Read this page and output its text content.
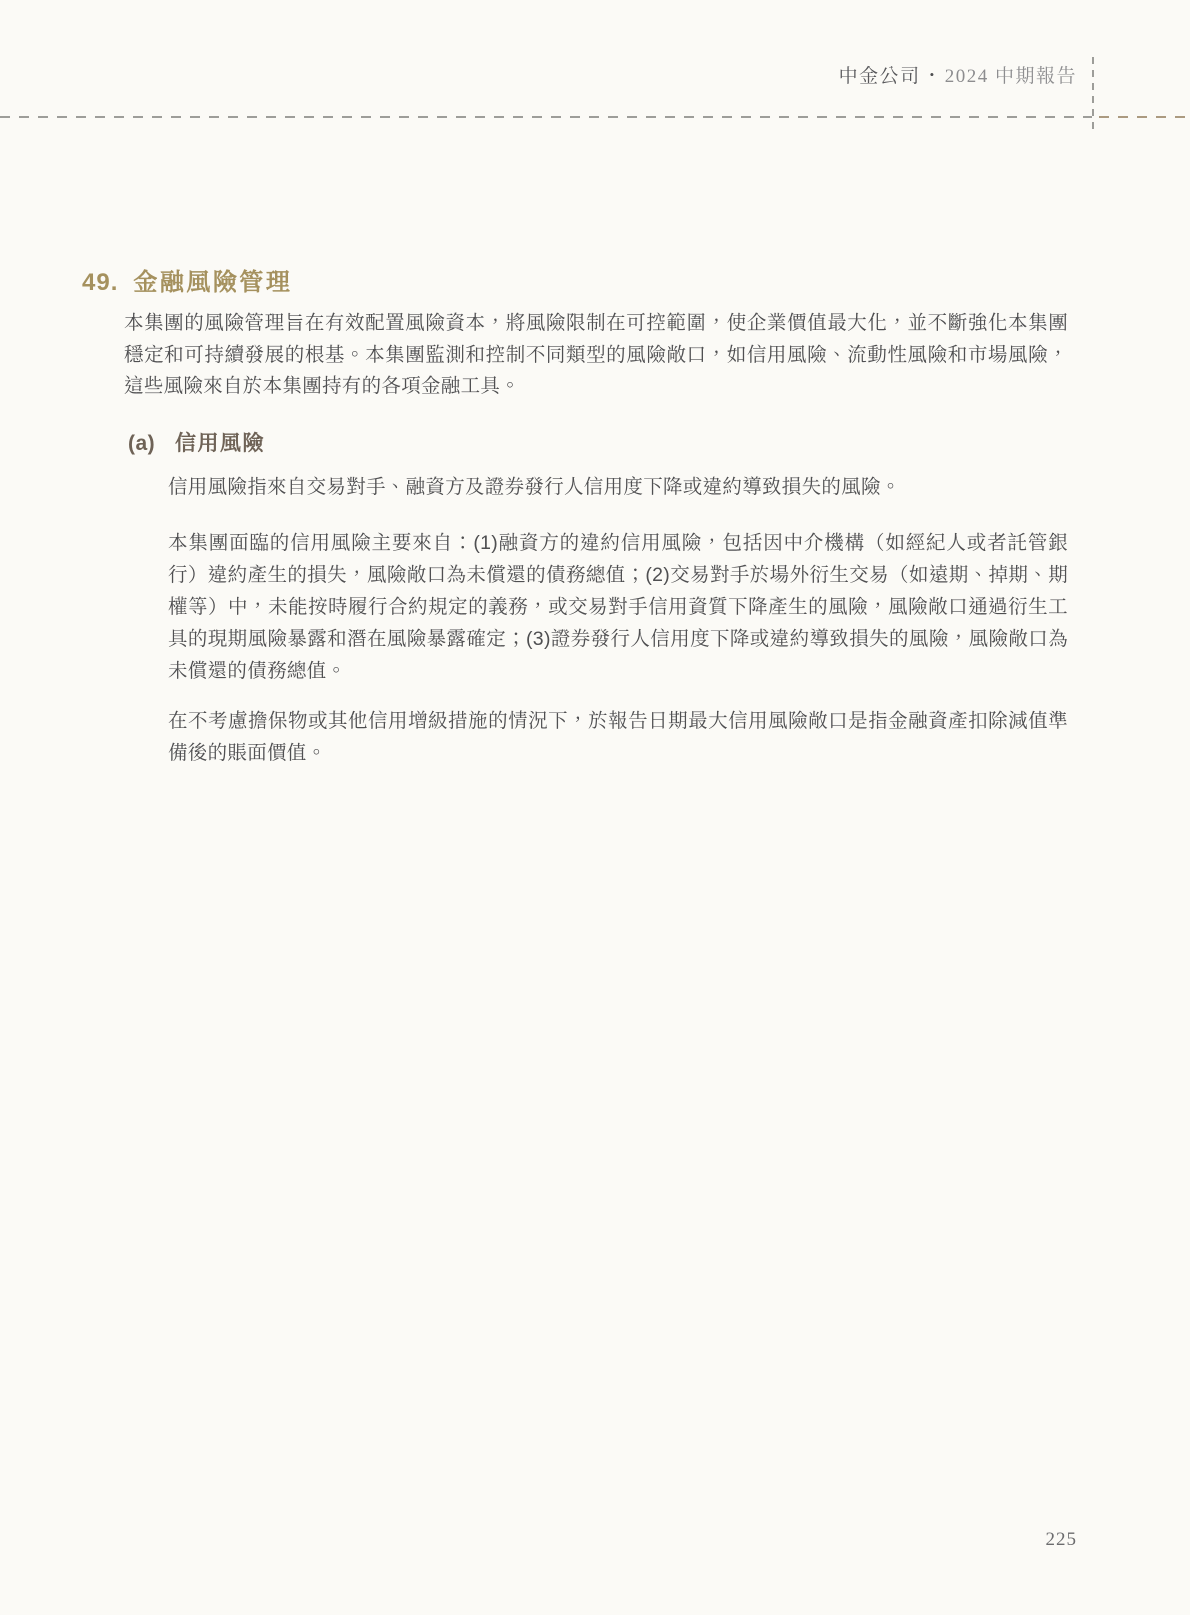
中金公司 • 2024 中期報告
49. 金融風險管理
本集團的風險管理旨在有效配置風險資本，將風險限制在可控範圍，使企業價值最大化，並不斷強化本集團穩定和可持續發展的根基。本集團監測和控制不同類型的風險敞口，如信用風險、流動性風險和市場風險，這些風險來自於本集團持有的各項金融工具。
(a) 信用風險
信用風險指來自交易對手、融資方及證券發行人信用度下降或違約導致損失的風險。
本集團面臨的信用風險主要來自：(1)融資方的違約信用風險，包括因中介機構（如經紀人或者託管銀行）違約產生的損失，風險敞口為未償還的債務總值；(2)交易對手於場外衍生交易（如遠期、掉期、期權等）中，未能按時履行合約規定的義務，或交易對手信用資質下降產生的風險，風險敞口通過衍生工具的現期風險暴露和潛在風險暴露確定；(3)證券發行人信用度下降或違約導致損失的風險，風險敞口為未償還的債務總值。
在不考慮擔保物或其他信用增級措施的情況下，於報告日期最大信用風險敞口是指金融資產扣除減值準備後的賬面價值。
225
